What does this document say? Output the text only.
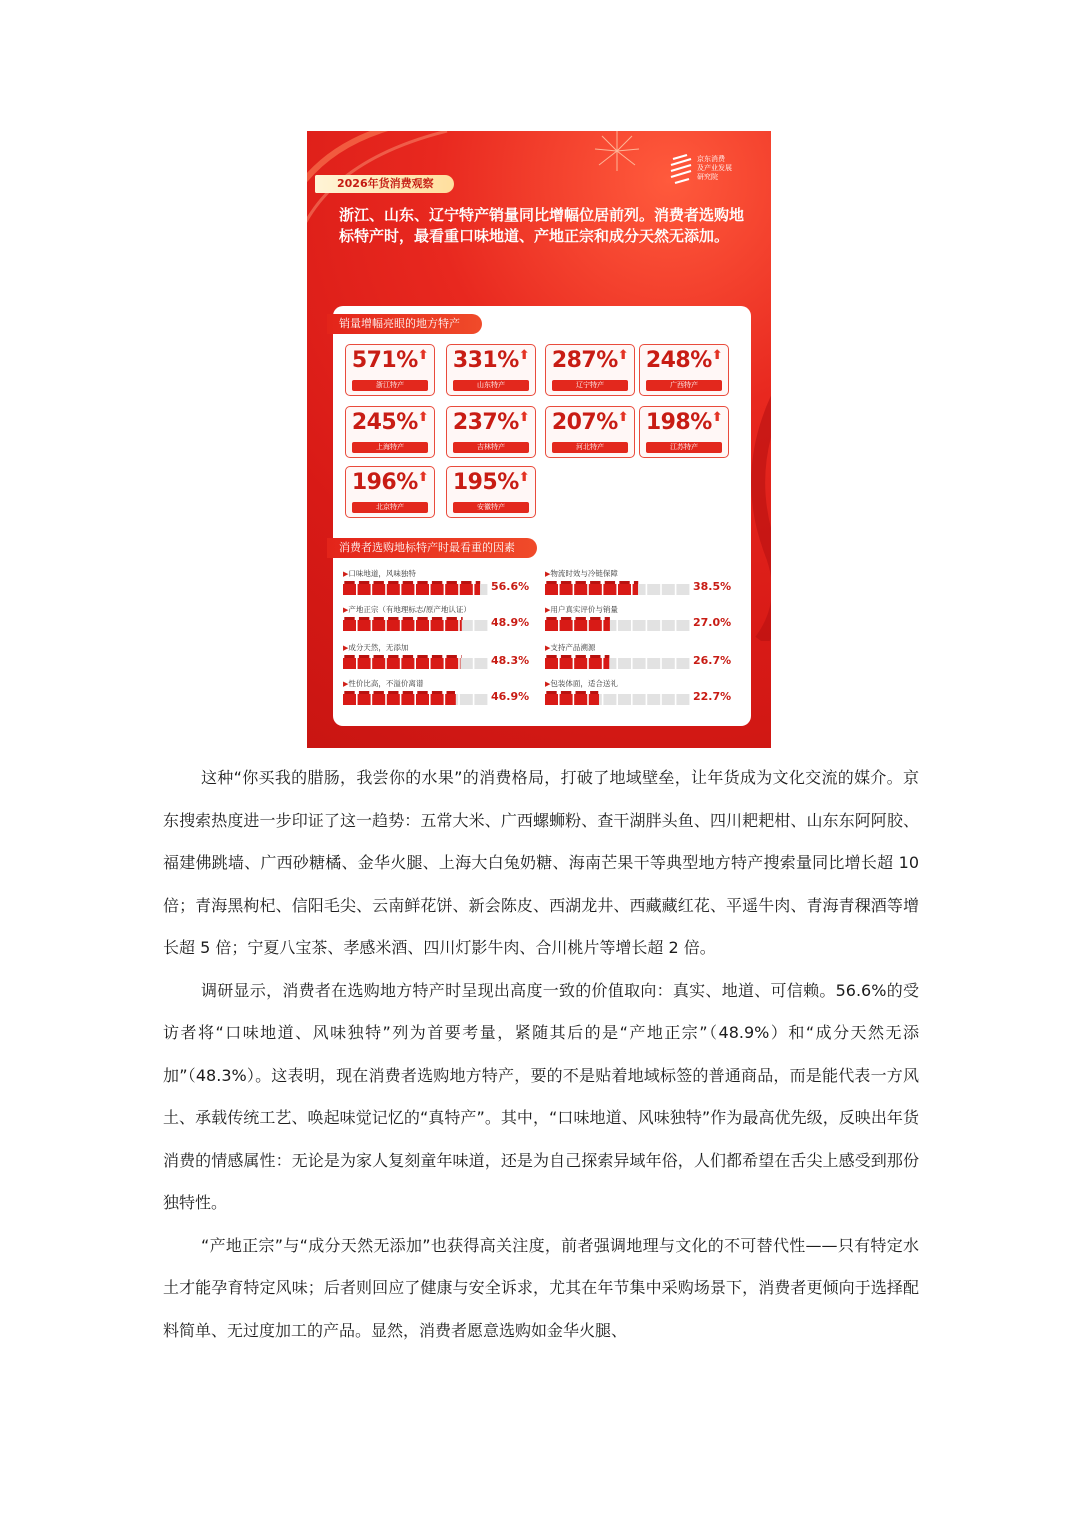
京东消费
及产业发展
研究院
2026年货消费观察
浙江、山东、辽宁特产销量同比增幅位居前列。消费者选购地标特产时，最看重口味地道、产地正宗和成分天然无添加。
销量增幅亮眼的地方特产
571%⬆
浙江特产
331%⬆
山东特产
287%⬆
辽宁特产
248%⬆
广西特产
245%⬆
上海特产
237%⬆
吉林特产
207%⬆
河北特产
198%⬆
江苏特产
196%⬆
北京特产
195%⬆
安徽特产
消费者选购地标特产时最看重的因素
▶口味地道，风味独特
56.6%
▶物流时效与冷链保障
38.5%
▶产地正宗（有地理标志/原产地认证）
48.9%
▶用户真实评价与销量
27.0%
▶成分天然，无添加
48.3%
▶支持产品溯源
26.7%
▶性价比高，不溢价离谱
46.9%
▶包装体面，适合送礼
22.7%

这种“你买我的腊肠，我尝你的水果”的消费格局，打破了地域壁垒，让年货成为文化交流的媒介。京东搜索热度进一步印证了这一趋势：五常大米、广西螺蛳粉、查干湖胖头鱼、四川耙耙柑、山东东阿阿胶、福建佛跳墙、广西砂糖橘、金华火腿、上海大白兔奶糖、海南芒果干等典型地方特产搜索量同比增长超 10 倍；青海黑枸杞、信阳毛尖、云南鲜花饼、新会陈皮、西湖龙井、西藏藏红花、平遥牛肉、青海青稞酒等增长超 5 倍；宁夏八宝茶、孝感米酒、四川灯影牛肉、合川桃片等增长超 2 倍。

调研显示，消费者在选购地方特产时呈现出高度一致的价值取向：真实、地道、可信赖。56.6%的受访者将“口味地道、风味独特”列为首要考量，紧随其后的是“产地正宗”（48.9%）和“成分天然无添加”（48.3%）。这表明，现在消费者选购地方特产，要的不是贴着地域标签的普通商品，而是能代表一方风土、承载传统工艺、唤起味觉记忆的“真特产”。其中，“口味地道、风味独特”作为最高优先级，反映出年货消费的情感属性：无论是为家人复刻童年味道，还是为自己探索异域年俗，人们都希望在舌尖上感受到那份独特性。

“产地正宗”与“成分天然无添加”也获得高关注度，前者强调地理与文化的不可替代性——只有特定水土才能孕育特定风味；后者则回应了健康与安全诉求，尤其在年节集中采购场景下，消费者更倾向于选择配料简单、无过度加工的产品。显然，消费者愿意选购如金华火腿、
